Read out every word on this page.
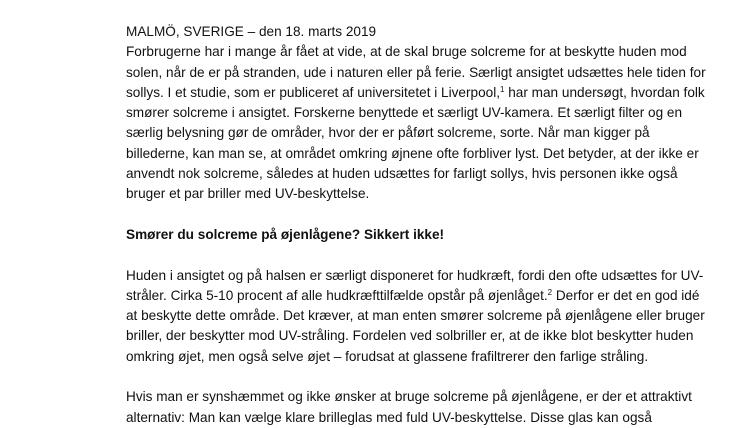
MALMÖ, SVERIGE – den 18. marts 2019
Forbrugerne har i mange år fået at vide, at de skal bruge solcreme for at beskytte huden mod
solen, når de er på stranden, ude i naturen eller på ferie. Særligt ansigtet udsættes hele tiden for
sollys. I et studie, som er publiceret af universitetet i Liverpool,$^1$ har man undersøgt, hvordan folk
smører solcreme i ansigtet. Forskerne benyttede et særligt UV-kamera. Et særligt filter og en
særlig belysning gør de områder, hvor der er påført solcreme, sorte. Når man kigger på
billederne, kan man se, at området omkring øjnene ofte forbliver lyst. Det betyder, at der ikke er
anvendt nok solcreme, således at huden udsættes for farligt sollys, hvis personen ikke også
bruger et par briller med UV-beskyttelse.
Smører du solcreme på øjenlågene? Sikkert ikke!
Huden i ansigtet og på halsen er særligt disponeret for hudkræft, fordi den ofte udsættes for UV-
stråler. Cirka 5-10 procent af alle hudkræfttilfælde opstår på øjenlåget.$^2$ Derfor er det en god idé
at beskytte dette område. Det kræver, at man enten smører solcreme på øjenlågene eller bruger
briller, der beskytter mod UV-stråling. Fordelen ved solbriller er, at de ikke blot beskytter huden
omkring øjet, men også selve øjet – forudsat at glassene frafiltrerer den farlige stråling.
Hvis man er synshæmmet og ikke ønsker at bruge solcreme på øjenlågene, er der et attraktivt
alternativ: Man kan vælge klare brilleglas med fuld UV-beskyttelse. Disse glas kan også
